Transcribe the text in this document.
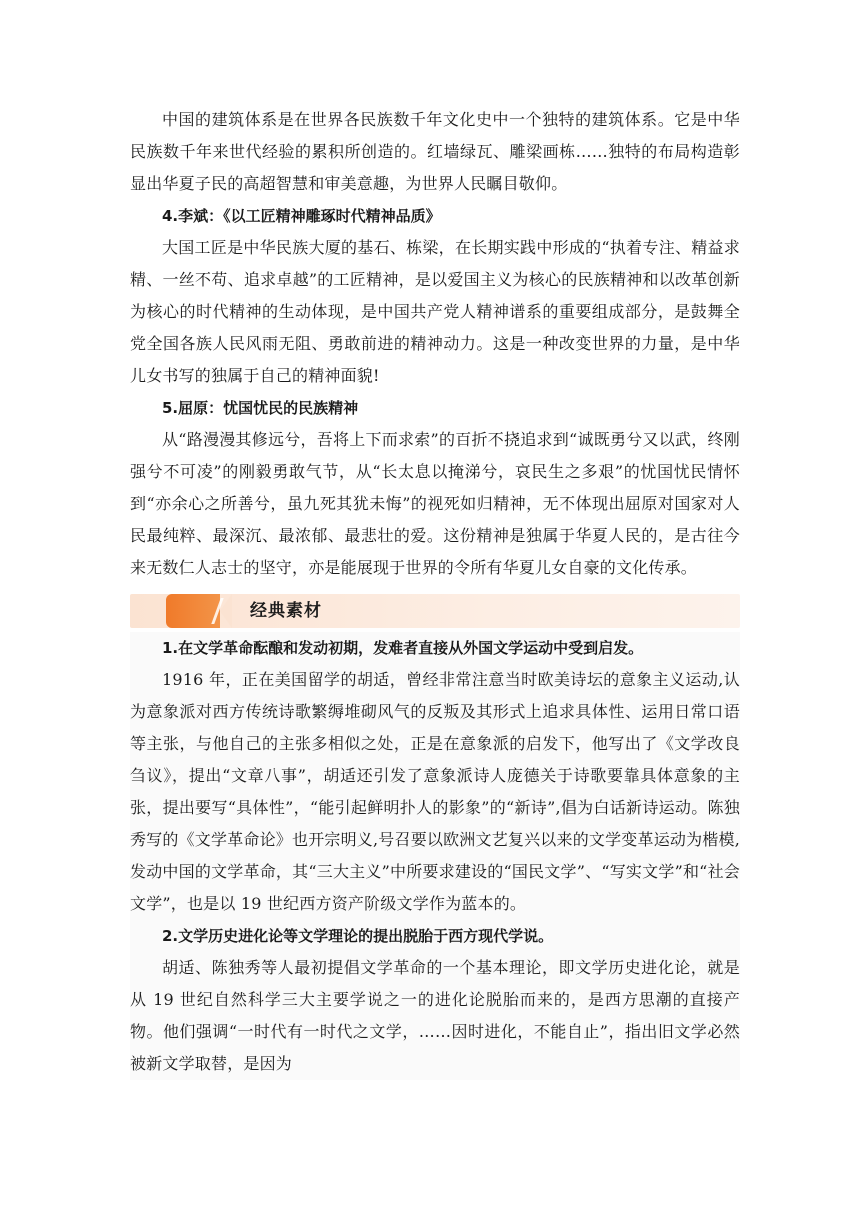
中国的建筑体系是在世界各民族数千年文化史中一个独特的建筑体系。它是中华民族数千年来世代经验的累积所创造的。红墙绿瓦、雕梁画栋……独特的布局构造彰显出华夏子民的高超智慧和审美意趣，为世界人民瞩目敬仰。

4.李斌：《以工匠精神雕琢时代精神品质》

大国工匠是中华民族大厦的基石、栋梁，在长期实践中形成的“执着专注、精益求精、一丝不苟、追求卓越”的工匠精神，是以爱国主义为核心的民族精神和以改革创新为核心的时代精神的生动体现，是中国共产党人精神谱系的重要组成部分，是鼓舞全党全国各族人民风雨无阻、勇敢前进的精神动力。这是一种改变世界的力量，是中华儿女书写的独属于自己的精神面貌!

5.屈原：忧国忧民的民族精神

从“路漫漫其修远兮，吾将上下而求索”的百折不挠追求到“诚既勇兮又以武，终刚强兮不可凌”的刚毅勇敢气节，从“长太息以掩涕兮，哀民生之多艰”的忧国忧民情怀到“亦余心之所善兮，虽九死其犹未悔”的视死如归精神，无不体现出屈原对国家对人民最纯粹、最深沉、最浓郁、最悲壮的爱。这份精神是独属于华夏人民的，是古往今来无数仁人志士的坚守，亦是能展现于世界的令所有华夏儿女自豪的文化传承。

经典素材

1.在文学革命酝酿和发动初期，发难者直接从外国文学运动中受到启发。

1916 年，正在美国留学的胡适，曾经非常注意当时欧美诗坛的意象主义运动,认为意象派对西方传统诗歌繁缛堆砌风气的反叛及其形式上追求具体性、运用日常口语等主张，与他自己的主张多相似之处，正是在意象派的启发下，他写出了《文学改良刍议》，提出“文章八事”，胡适还引发了意象派诗人庞德关于诗歌要靠具体意象的主张，提出要写“具体性”，“能引起鲜明扑人的影象”的“新诗”,倡为白话新诗运动。陈独秀写的《文学革命论》也开宗明义,号召要以欧洲文艺复兴以来的文学变革运动为楷模,发动中国的文学革命，其“三大主义”中所要求建设的“国民文学”、“写实文学”和“社会文学”，也是以 19 世纪西方资产阶级文学作为蓝本的。

2.文学历史进化论等文学理论的提出脱胎于西方现代学说。

胡适、陈独秀等人最初提倡文学革命的一个基本理论，即文学历史进化论，就是从 19 世纪自然科学三大主要学说之一的进化论脱胎而来的，是西方思潮的直接产物。他们强调“一时代有一时代之文学，……因时进化，不能自止”，指出旧文学必然被新文学取替，是因为
